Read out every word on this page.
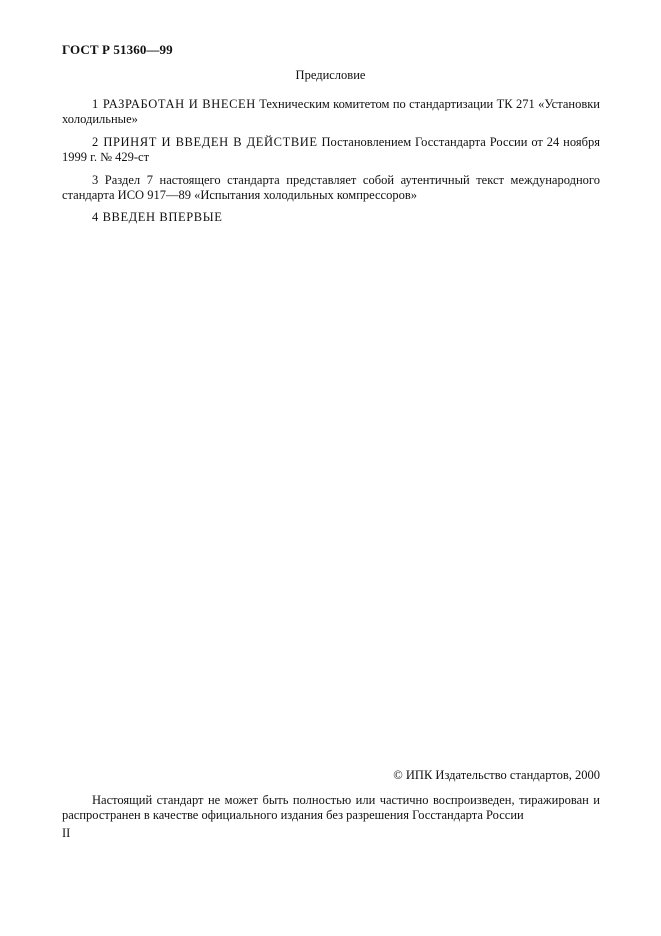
ГОСТ Р 51360—99
Предисловие

1 РАЗРАБОТАН И ВНЕСЕН Техническим комитетом по стандартизации ТК 271 «Установки холодильные»

2 ПРИНЯТ И ВВЕДЕН В ДЕЙСТВИЕ Постановлением Госстандарта России от 24 ноября 1999 г. № 429-ст

3 Раздел 7 настоящего стандарта представляет собой аутентичный текст международного стандарта ИСО 917—89 «Испытания холодильных компрессоров»

4 ВВЕДЕН ВПЕРВЫЕ

© ИПК Издательство стандартов, 2000

Настоящий стандарт не может быть полностью или частично воспроизведен, тиражирован и распространен в качестве официального издания без разрешения Госстандарта России

II
